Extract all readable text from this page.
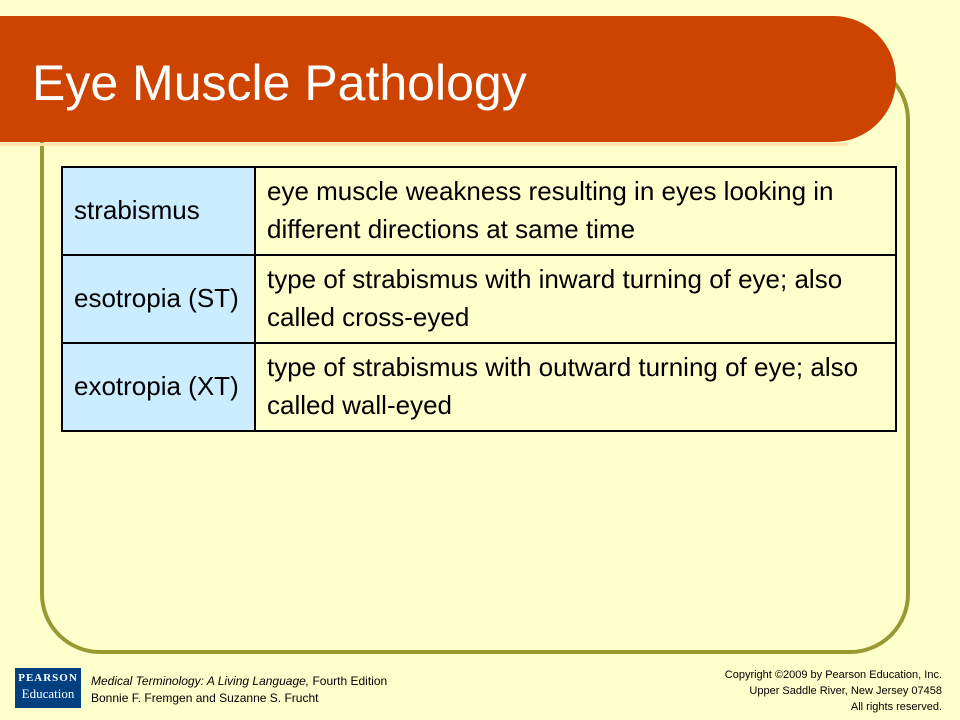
Eye Muscle Pathology
strabismus	eye muscle weakness resulting in eyes looking in different directions at same time
esotropia (ST)	type of strabismus with inward turning of eye; also called cross-eyed
exotropia (XT)	type of strabismus with outward turning of eye; also called wall-eyed
PEARSON
Education
Medical Terminology: A Living Language, Fourth Edition
Bonnie F. Fremgen and Suzanne S. Frucht
Copyright ©2009 by Pearson Education, Inc.
Upper Saddle River, New Jersey 07458
All rights reserved.
